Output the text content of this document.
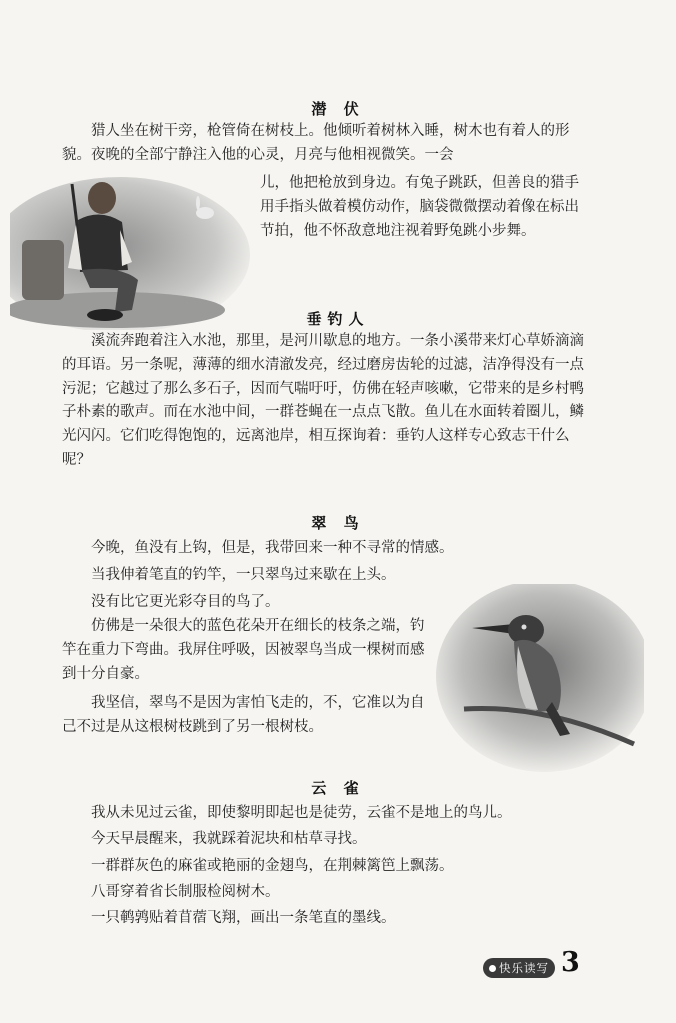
潜 伏

猎人坐在树干旁，枪管倚在树枝上。他倾听着树林入睡，树木也有着人的形貌。夜晚的全部宁静注入他的心灵，月亮与他相视微笑。一会

儿，他把枪放到身边。有兔子跳跃，但善良的猎手用手指头做着模仿动作，脑袋微微摆动着像在标出节拍，他不怀敌意地注视着野兔跳小步舞。

垂钓人

溪流奔跑着注入水池，那里，是河川歇息的地方。一条小溪带来灯心草娇滴滴的耳语。另一条呢，薄薄的细水清澈发亮，经过磨房齿轮的过滤，洁净得没有一点污泥；它越过了那么多石子，因而气喘吁吁，仿佛在轻声咳嗽，它带来的是乡村鸭子朴素的歌声。而在水池中间，一群苍蝇在一点点飞散。鱼儿在水面转着圈儿，鳞光闪闪。它们吃得饱饱的，远离池岸，相互探询着：垂钓人这样专心致志干什么呢？

翠 鸟

今晚，鱼没有上钩，但是，我带回来一种不寻常的情感。

当我伸着笔直的钓竿，一只翠鸟过来歇在上头。

没有比它更光彩夺目的鸟了。

仿佛是一朵很大的蓝色花朵开在细长的枝条之端，钓竿在重力下弯曲。我屏住呼吸，因被翠鸟当成一棵树而感到十分自豪。

我坚信，翠鸟不是因为害怕飞走的，不，它准以为自己不过是从这根树枝跳到了另一根树枝。

云 雀

我从未见过云雀，即使黎明即起也是徒劳，云雀不是地上的鸟儿。

今天早晨醒来，我就踩着泥块和枯草寻找。

一群群灰色的麻雀或艳丽的金翅鸟，在荆棘篱笆上飘荡。

八哥穿着省长制服检阅树木。

一只鹌鹑贴着苜蓿飞翔，画出一条笔直的墨线。

快乐读写 3
